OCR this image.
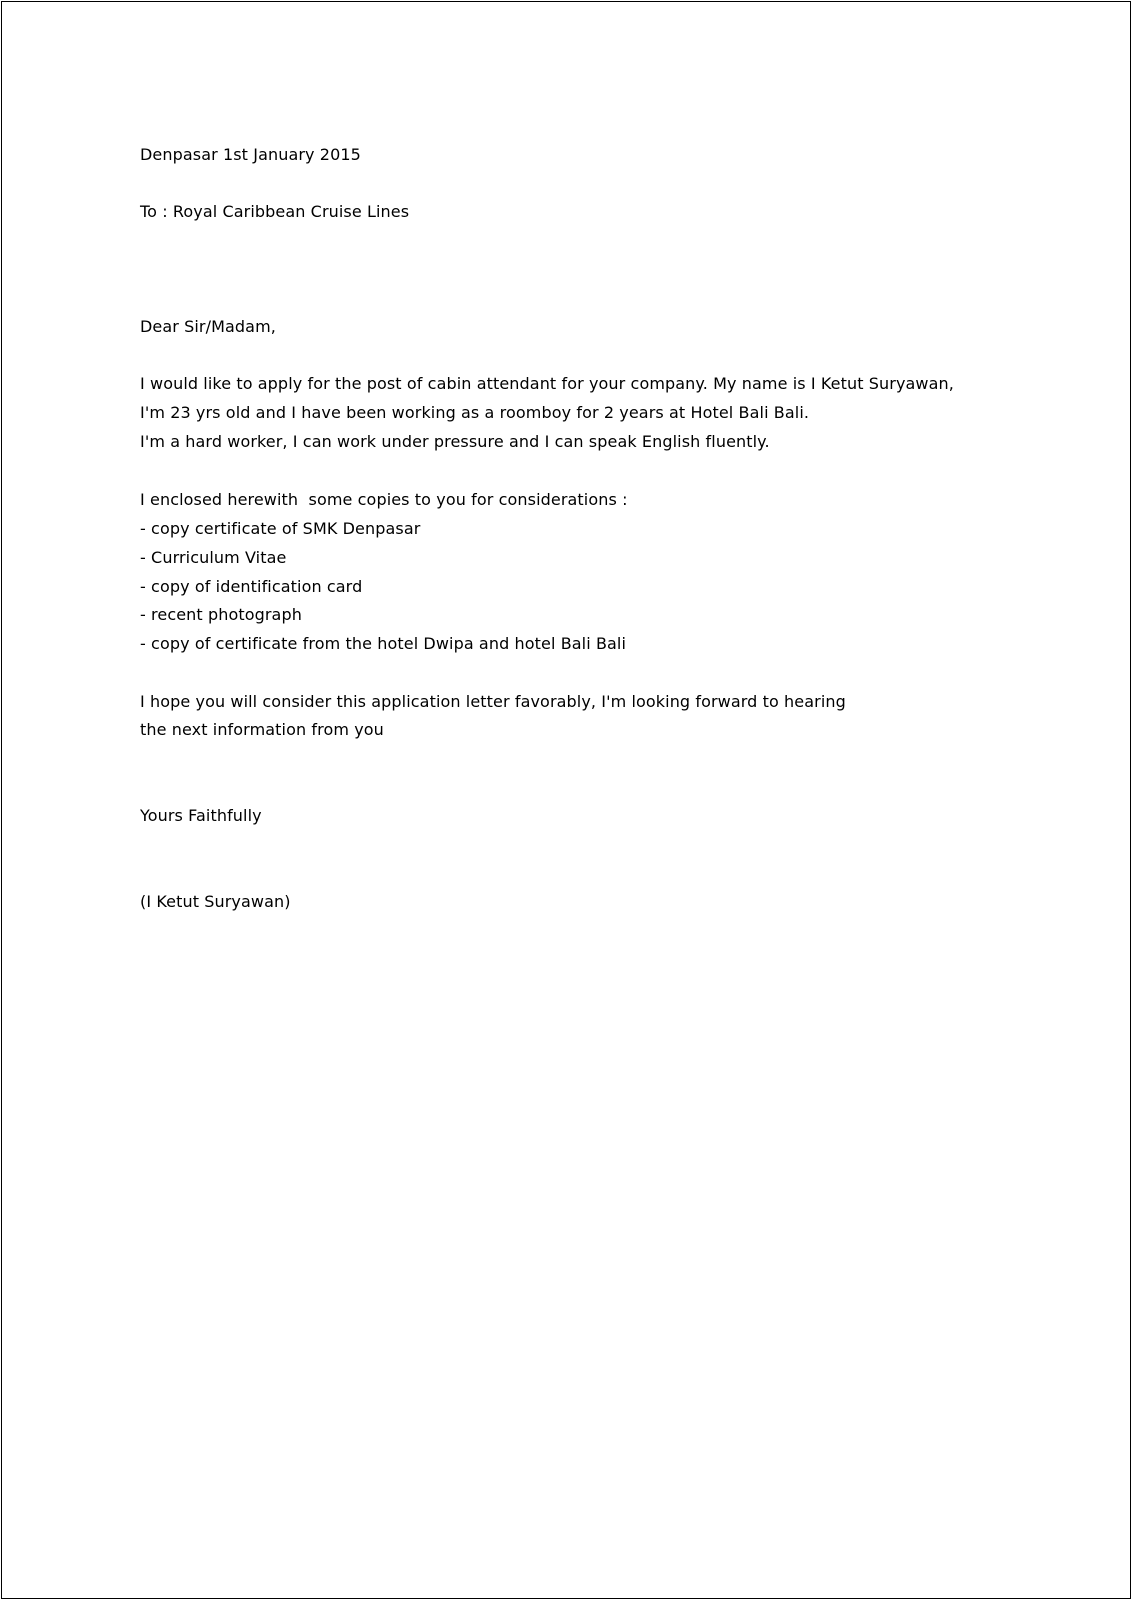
Denpasar 1st January 2015

To : Royal Caribbean Cruise Lines

Dear Sir/Madam,

I would like to apply for the post of cabin attendant for your company. My name is I Ketut Suryawan,

I'm 23 yrs old and I have been working as a roomboy for 2 years at Hotel Bali Bali.

I'm a hard worker, I can work under pressure and I can speak English fluently.

I enclosed herewith  some copies to you for considerations :

- copy certificate of SMK Denpasar

- Curriculum Vitae

- copy of identification card

- recent photograph

- copy of certificate from the hotel Dwipa and hotel Bali Bali

I hope you will consider this application letter favorably, I'm looking forward to hearing

the next information from you

Yours Faithfully

(I Ketut Suryawan)
